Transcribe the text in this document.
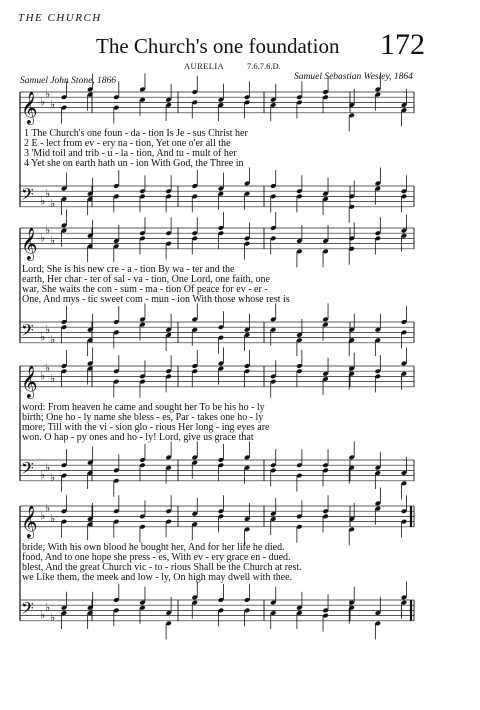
THE CHURCH
The Church's one foundation 172
AURELIA	7.6.7.6.D.
Samuel John Stone, 1866	Samuel Sebastian Wesley, 1864
𝄞 ♭
♭
♭
𝄢 ♭
♭
♭
𝄞 ♭
♭
♭
𝄢 ♭
♭
♭
𝄞 ♭
♭
♭
𝄢 ♭
♭
♭
𝄞 ♭
♭
♭
𝄢 ♭
♭
♭
1 The Church's one foun - da - tion Is Je - sus Christ her
2 E - lect from ev - ery na - tion, Yet one o'er all the
3 'Mid toil and trib - u - la - tion, And tu - mult of her
4 Yet she on earth hath un - ion With God, the Three in
Lord; She is his new cre - a - tion By wa - ter and the
earth, Her char - ter of sal - va - tion, One Lord, one faith, one
war, She waits the con - sum - ma - tion Of peace for ev - er -
One, And mys - tic sweet com - mun - ion With those whose rest is
word: From heaven he came and sought her To be his ho - ly
birth; One ho - ly name she bless - es, Par - takes one ho - ly
more; Till with the vi - sion glo - rious Her long - ing eyes are
won. O hap - py ones and ho - ly! Lord, give us grace that
bride; With his own blood he bought her, And for her life he died.
food, And to one hope she press - es, With ev - ery grace en - dued.
blest, And the great Church vic - to - rious Shall be the Church at rest.
we Like them, the meek and low - ly, On high may dwell with thee.
